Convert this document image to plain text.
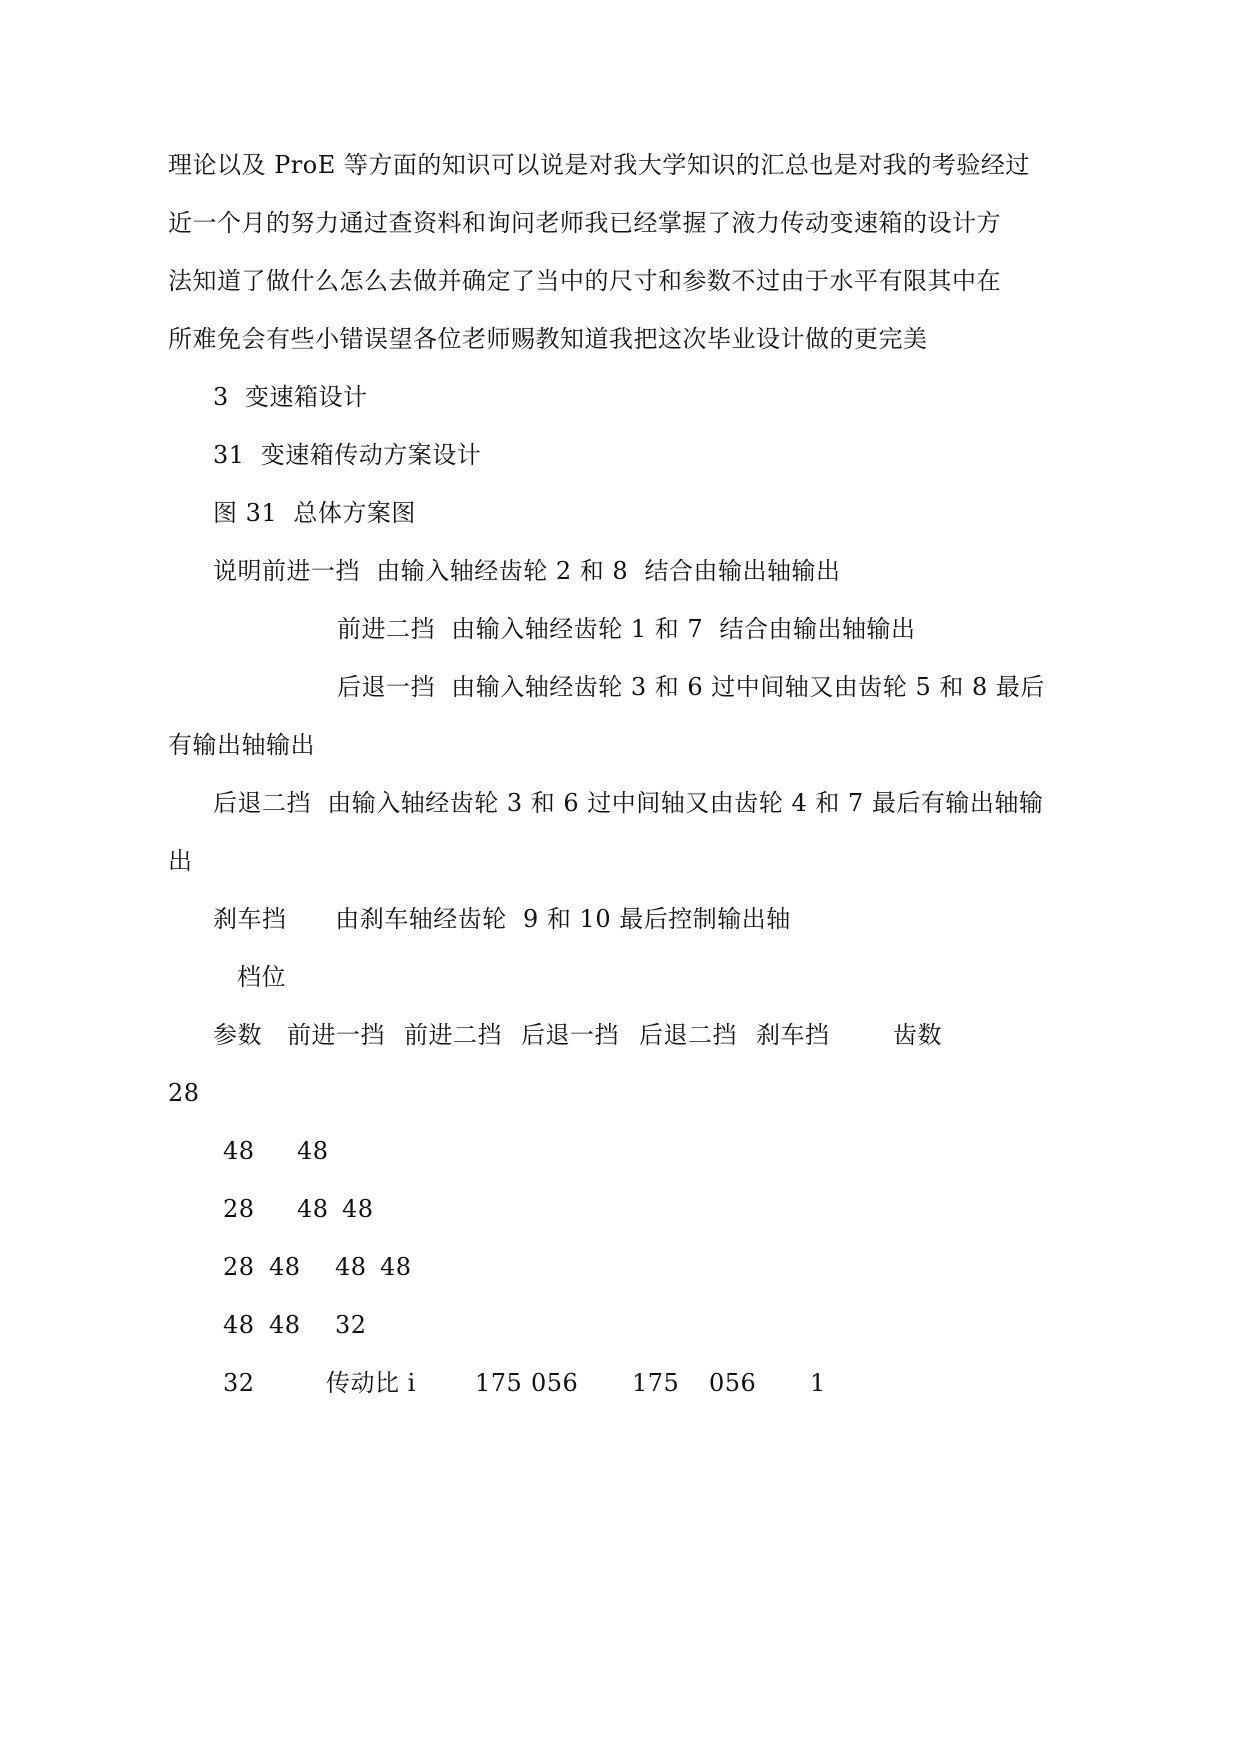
理论以及 ProE 等方面的知识可以说是对我大学知识的汇总也是对我的考验经过
近一个月的努力通过查资料和询问老师我已经掌握了液力传动变速箱的设计方
法知道了做什么怎么去做并确定了当中的尺寸和参数不过由于水平有限其中在
所难免会有些小错误望各位老师赐教知道我把这次毕业设计做的更完美
3  变速箱设计
31  变速箱传动方案设计
图 31  总体方案图
说明前进一挡  由输入轴经齿轮 2 和 8  结合由输出轴输出
前进二挡  由输入轴经齿轮 1 和 7  结合由输出轴输出
后退一挡  由输入轴经齿轮 3 和 6 过中间轴又由齿轮 5 和 8 最后
有输出轴输出
后退二挡  由输入轴经齿轮 3 和 6 过中间轴又由齿轮 4 和 7 最后有输出轴输
出
刹车挡      由刹车轴经齿轮  9 和 10 最后控制输出轴
档位
参数 前进一挡 前进二挡 后退一挡 后退二挡 刹车挡	齿数
28
48 48
28 48 48
28 48 48 48
48 48 32
32	传动比 i 175 056 175 056 1
